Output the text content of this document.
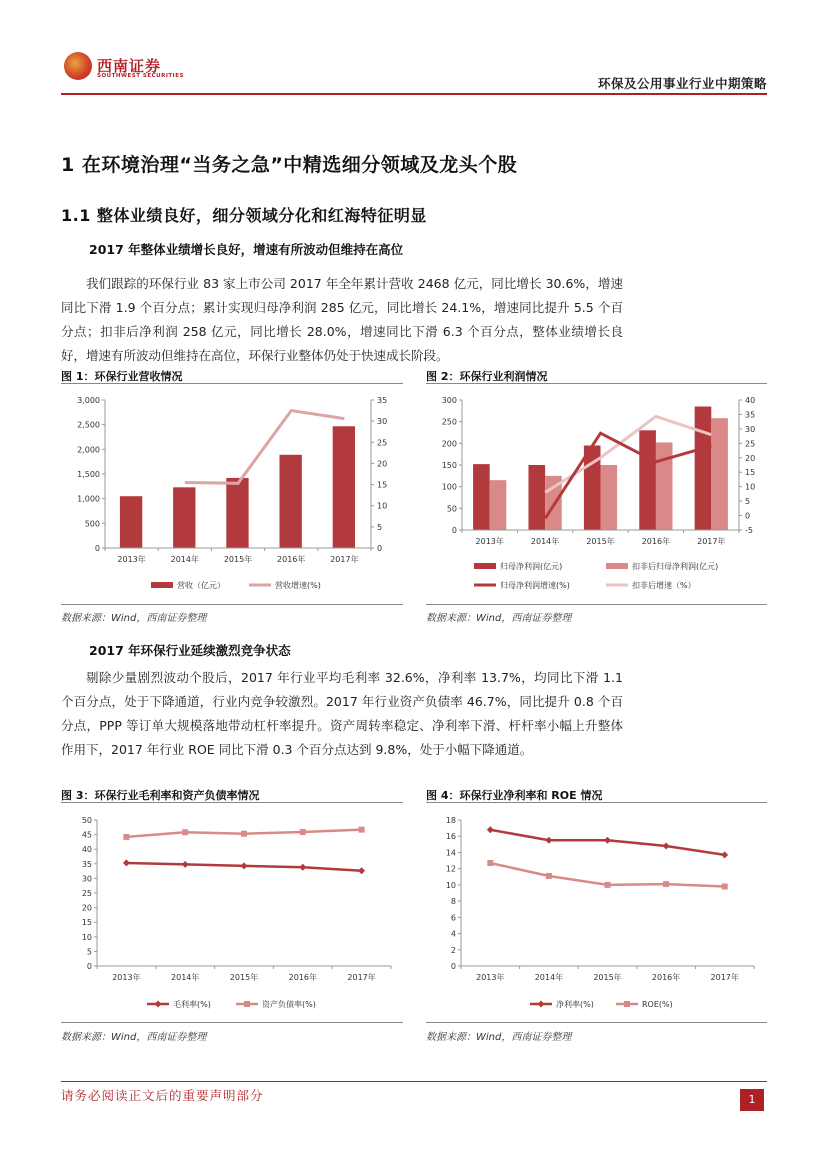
西南证券
SOUTHWEST SECURITIES	环保及公用事业行业中期策略
1 在环境治理“当务之急”中精选细分领域及龙头个股
1.1 整体业绩良好，细分领域分化和红海特征明显
2017 年整体业绩增长良好，增速有所波动但维持在高位

我们跟踪的环保行业 83 家上市公司 2017 年全年累计营收 2468 亿元，同比增长 30.6%，增速同比下滑 1.9 个百分点；累计实现归母净利润 285 亿元，同比增长 24.1%，增速同比提升 5.5 个百分点；扣非后净利润 258 亿元，同比增长 28.0%，增速同比下滑 6.3 个百分点，整体业绩增长良好，增速有所波动但维持在高位，环保行业整体仍处于快速成长阶段。

图 1：环保行业营收情况	图 2：环保行业利润情况
0
500
1,000
1,500
2,000
2,500
3,000
0
5
10
15
20
25
30
35
2013年	2014年	2015年	2016年	2017年
营收（亿元）	营收增速(%)
0
50
100
150
200
250
300
-5
0
5
10
15
20
25
30
35
40
2013年	2014年	2015年	2016年	2017年
归母净利润(亿元)	扣非后归母净利润(亿元)
归母净利润增速(%)	扣非后增速（%）
数据来源：Wind，西南证券整理	数据来源：Wind，西南证券整理
2017 年环保行业延续激烈竞争状态

剔除少量剧烈波动个股后，2017 年行业平均毛利率 32.6%，净利率 13.7%，均同比下滑 1.1 个百分点，处于下降通道，行业内竞争较激烈。2017 年行业资产负债率 46.7%，同比提升 0.8 个百分点，PPP 等订单大规模落地带动杠杆率提升。资产周转率稳定、净利率下滑、杆杆率小幅上升整体作用下，2017 年行业 ROE 同比下滑 0.3 个百分点达到 9.8%，处于小幅下降通道。

图 3：环保行业毛利率和资产负债率情况	图 4：环保行业净利率和 ROE 情况
0
5
10
15
20
25
30
35
40
45
50
2013年	2014年	2015年	2016年	2017年
毛利率(%)	资产负债率(%)
0
2
4
6
8
10
12
14
16
18
2013年	2014年	2015年	2016年	2017年
净利率(%)	ROE(%)
数据来源：Wind，西南证券整理	数据来源：Wind，西南证券整理
请务必阅读正文后的重要声明部分	1
